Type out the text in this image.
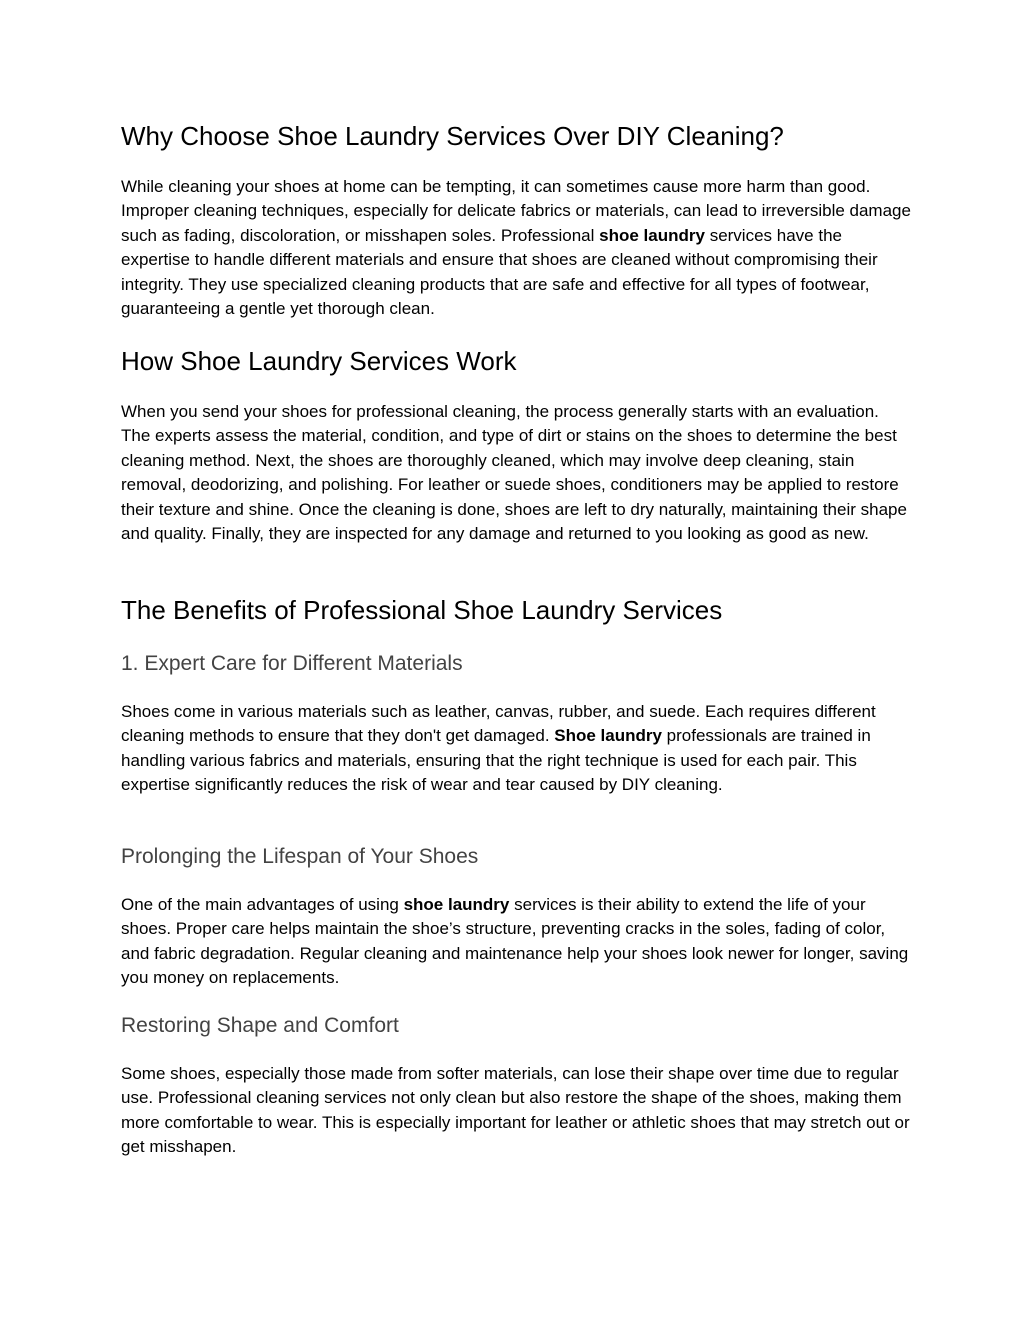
Why Choose Shoe Laundry Services Over DIY Cleaning?

While cleaning your shoes at home can be tempting, it can sometimes cause more harm than good. Improper cleaning techniques, especially for delicate fabrics or materials, can lead to irreversible damage such as fading, discoloration, or misshapen soles. Professional shoe laundry services have the expertise to handle different materials and ensure that shoes are cleaned without compromising their integrity. They use specialized cleaning products that are safe and effective for all types of footwear, guaranteeing a gentle yet thorough clean.

How Shoe Laundry Services Work

When you send your shoes for professional cleaning, the process generally starts with an evaluation. The experts assess the material, condition, and type of dirt or stains on the shoes to determine the best cleaning method. Next, the shoes are thoroughly cleaned, which may involve deep cleaning, stain removal, deodorizing, and polishing. For leather or suede shoes, conditioners may be applied to restore their texture and shine. Once the cleaning is done, shoes are left to dry naturally, maintaining their shape and quality. Finally, they are inspected for any damage and returned to you looking as good as new.

The Benefits of Professional Shoe Laundry Services
1. Expert Care for Different Materials

Shoes come in various materials such as leather, canvas, rubber, and suede. Each requires different cleaning methods to ensure that they don't get damaged. Shoe laundry professionals are trained in handling various fabrics and materials, ensuring that the right technique is used for each pair. This expertise significantly reduces the risk of wear and tear caused by DIY cleaning.

Prolonging the Lifespan of Your Shoes

One of the main advantages of using shoe laundry services is their ability to extend the life of your shoes. Proper care helps maintain the shoe’s structure, preventing cracks in the soles, fading of color, and fabric degradation. Regular cleaning and maintenance help your shoes look newer for longer, saving you money on replacements.

Restoring Shape and Comfort

Some shoes, especially those made from softer materials, can lose their shape over time due to regular use. Professional cleaning services not only clean but also restore the shape of the shoes, making them more comfortable to wear. This is especially important for leather or athletic shoes that may stretch out or get misshapen.
